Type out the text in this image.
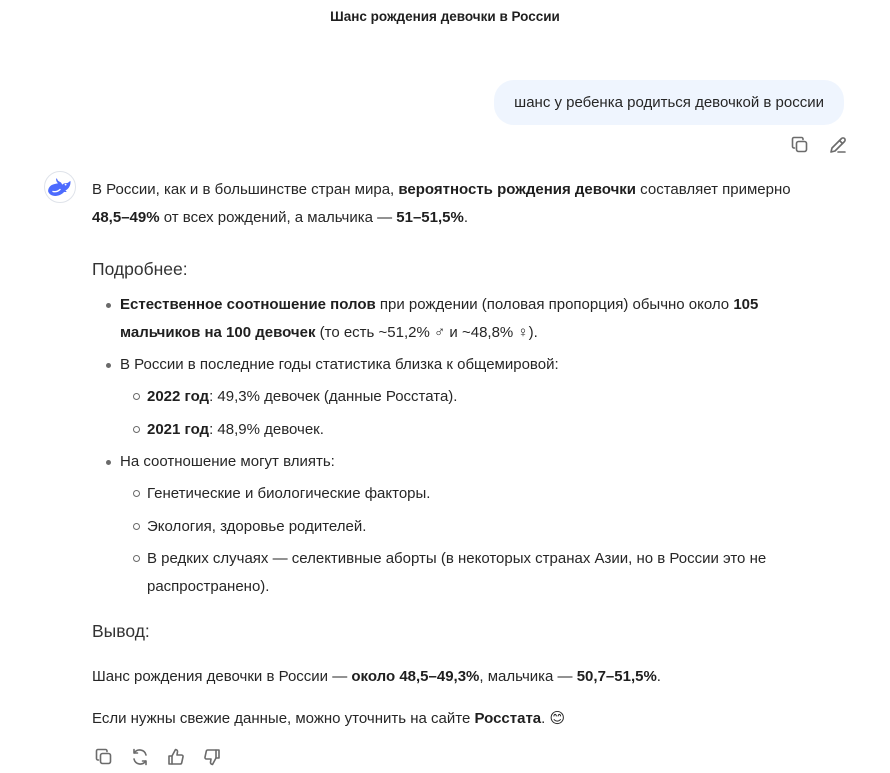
Шанс рождения девочки в России
шанс у ребенка родиться девочкой в россии

В России, как и в большинстве стран мира, вероятность рождения девочки составляет примерно 48,5–49% от всех рождений, а мальчика — 51–51,5%.

Подробнее:
Естественное соотношение полов при рождении (половая пропорция) обычно около 105 мальчиков на 100 девочек (то есть ~51,2% ♂ и ~48,8% ♀).
В России в последние годы статистика близка к общемировой:
2022 год: 49,3% девочек (данные Росстата).
2021 год: 48,9% девочек.
На соотношение могут влиять:
Генетические и биологические факторы.
Экология, здоровье родителей.
В редких случаях — селективные аборты (в некоторых странах Азии, но в России это не распространено).
Вывод:

Шанс рождения девочки в России — около 48,5–49,3%, мальчика — 50,7–51,5%.

Если нужны свежие данные, можно уточнить на сайте Росстата. 😊
